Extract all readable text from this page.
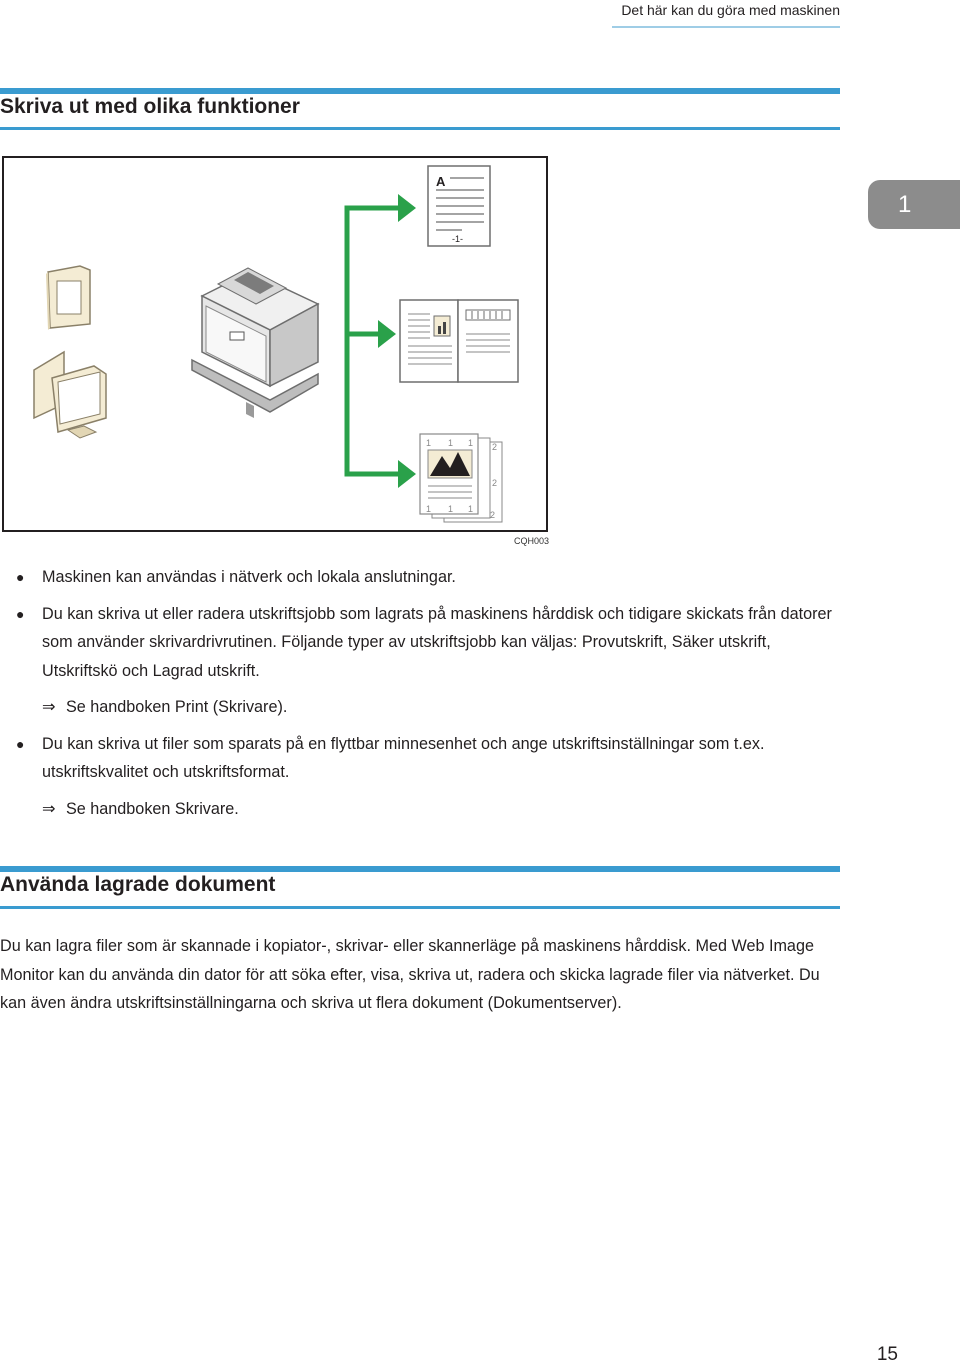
Det här kan du göra med maskinen
Skriva ut med olika funktioner
1
A
-1-
1 1 1
1 1 1
2
2
2
CQH003
● Maskinen kan användas i nätverk och lokala anslutningar.
● Du kan skriva ut eller radera utskriftsjobb som lagrats på maskinens hårddisk och tidigare skickats från datorer som använder skrivardrivrutinen. Följande typer av utskriftsjobb kan väljas: Provutskrift, Säker utskrift, Utskriftskö och Lagrad utskrift.
⇒ Se handboken Print (Skrivare).
● Du kan skriva ut filer som sparats på en flyttbar minnesenhet och ange utskriftsinställningar som t.ex. utskriftskvalitet och utskriftsformat.
⇒ Se handboken Skrivare.
Använda lagrade dokument

Du kan lagra filer som är skannade i kopiator-, skrivar- eller skannerläge på maskinens hårddisk. Med Web Image Monitor kan du använda din dator för att söka efter, visa, skriva ut, radera och skicka lagrade filer via nätverket. Du kan även ändra utskriftsinställningarna och skriva ut flera dokument (Dokumentserver).

15
